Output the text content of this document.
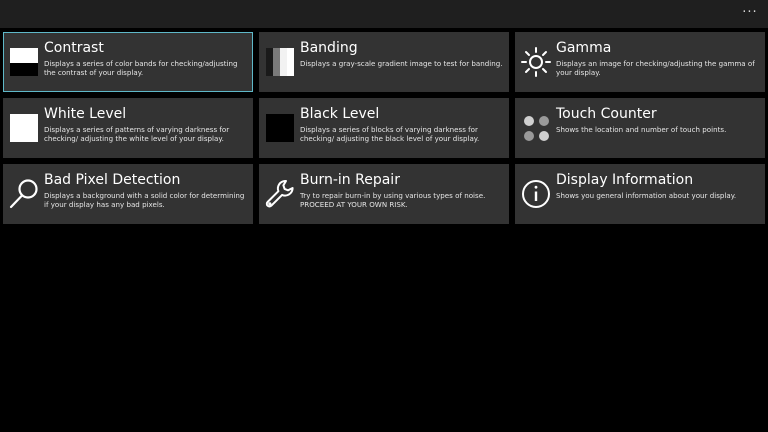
···
Contrast
Displays a series of color bands for checking/adjusting the contrast of your display.
Banding
Displays a gray-scale gradient image to test for banding.
Gamma
Displays an image for checking/adjusting the gamma of your display.
White Level
Displays a series of patterns of varying darkness for checking/ adjusting the white level of your display.
Black Level
Displays a series of blocks of varying darkness for checking/ adjusting the black level of your display.
Touch Counter
Shows the location and number of touch points.
Bad Pixel Detection
Displays a background with a solid color for determining if your display has any bad pixels.
Burn-in Repair
Try to repair burn-in by using various types of noise. PROCEED AT YOUR OWN RISK.
Display Information
Shows you general information about your display.
